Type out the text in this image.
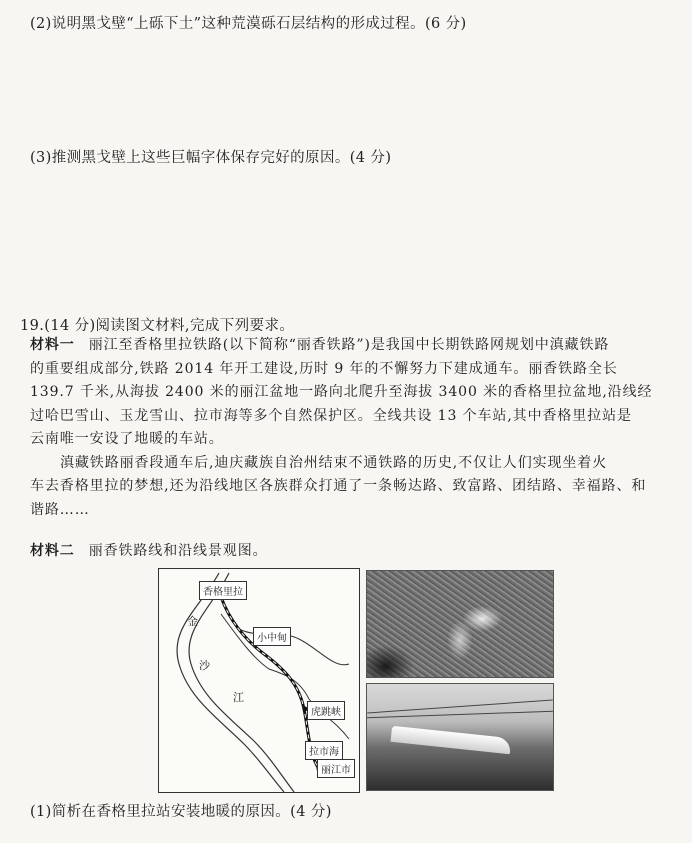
(2)说明黑戈壁“上砾下土”这种荒漠砾石层结构的形成过程。(6 分)
(3)推测黑戈壁上这些巨幅字体保存完好的原因。(4 分)
19.(14 分)阅读图文材料,完成下列要求。
材料一 丽江至香格里拉铁路(以下简称“丽香铁路”)是我国中长期铁路网规划中滇藏铁路
的重要组成部分,铁路 2014 年开工建设,历时 9 年的不懈努力下建成通车。丽香铁路全长
139.7 千米,从海拔 2400 米的丽江盆地一路向北爬升至海拔 3400 米的香格里拉盆地,沿线经
过哈巴雪山、玉龙雪山、拉市海等多个自然保护区。全线共设 13 个车站,其中香格里拉站是
云南唯一安设了地暖的车站。
滇藏铁路丽香段通车后,迪庆藏族自治州结束不通铁路的历史,不仅让人们实现坐着火
车去香格里拉的梦想,还为沿线地区各族群众打通了一条畅达路、致富路、团结路、幸福路、和
谐路……
材料二 丽香铁路线和沿线景观图。
香格里拉
小中甸
虎跳峡
拉市海
丽江市
金
沙
江
(1)简析在香格里拉站安装地暖的原因。(4 分)
